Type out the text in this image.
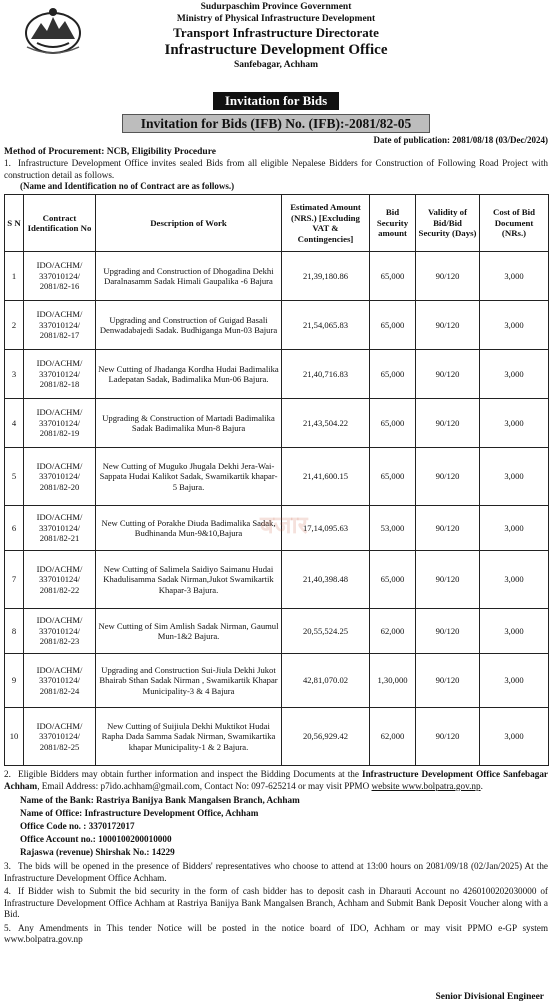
Sudurpaschim Province Government
Ministry of Physical Infrastructure Development
Transport Infrastructure Directorate
Infrastructure Development Office
Sanfebagar, Achham
Invitation for Bids
Invitation for Bids (IFB) No. (IFB):-2081/82-05
Date of publication: 2081/08/18 (03/Dec/2024)
Method of Procurement: NCB, Eligibility Procedure
1. Infrastructure Development Office invites sealed Bids from all eligible Nepalese Bidders for Construction of Following Road Project with construction detail as follows.
(Name and Identification no of Contract are as follows.)
S N	Contract Identification No	Description of Work	Estimated Amount (NRS.) [Excluding VAT & Contingencies]	Bid Security amount	Validity of Bid/Bid Security (Days)	Cost of Bid Document (NRs.)
1	IDO/ACHM/ 337010124/ 2081/82-16	Upgrading and Construction of Dhogadina Dekhi Daralnasamm Sadak Himali Gaupalika -6 Bajura	21,39,180.86	65,000	90/120	3,000
2	IDO/ACHM/ 337010124/ 2081/82-17	Upgrading and Construction of Guigad Basali Denwadabajedi Sadak. Budhiganga Mun-03 Bajura	21,54,065.83	65,000	90/120	3,000
3	IDO/ACHM/ 337010124/ 2081/82-18	New Cutting of Jhadanga Kordha Hudai Badimalika Ladepatan Sadak, Badimalika Mun-06 Bajura.	21,40,716.83	65,000	90/120	3,000
4	IDO/ACHM/ 337010124/ 2081/82-19	Upgrading & Construction of Martadi Badimalika Sadak Badimalika Mun-8 Bajura	21,43,504.22	65,000	90/120	3,000
5	IDO/ACHM/ 337010124/ 2081/82-20	New Cutting of Muguko Jhugala Dekhi Jera-Wai-Sappata Hudai Kalikot Sadak, Swamikartik khapar-5 Bajura.	21,41,600.15	65,000	90/120	3,000
6	IDO/ACHM/ 337010124/ 2081/82-21	New Cutting of Porakhe Diuda Badimalika Sadak, Budhinanda Mun-9&10,Bajura	17,14,095.63	53,000	90/120	3,000
7	IDO/ACHM/ 337010124/ 2081/82-22	New Cutting of Salimela Saidiyo Saimanu Hudai Khadulisamma Sadak Nirman,Jukot Swamikartik Khapar-3 Bajura.	21,40,398.48	65,000	90/120	3,000
8	IDO/ACHM/ 337010124/ 2081/82-23	New Cutting of Sim Amlish Sadak Nirman, Gaumul Mun-1&2 Bajura.	20,55,524.25	62,000	90/120	3,000
9	IDO/ACHM/ 337010124/ 2081/82-24	Upgrading and Construction Sui-Jiula Dekhi Jukot Bhairab Sthan Sadak Nirman , Swamikartik Khapar Municipality-3 & 4 Bajura	42,81,070.02	1,30,000	90/120	3,000
10	IDO/ACHM/ 337010124/ 2081/82-25	New Cutting of Suijiula Dekhi Muktikot Hudai Rapha Dada Samma Sadak Nirman, Swamikartika khapar Municipality-1 & 2 Bajura.	20,56,929.42	62,000	90/120	3,000
बजार
2. Eligible Bidders may obtain further information and inspect the Bidding Documents at the Infrastructure Development Office Sanfebagar Achham, Email Address: p7ido.achham@gmail.com, Contact No: 097-625214 or may visit PPMO website www.bolpatra.gov.np.
Name of the Bank: Rastriya Banijya Bank Mangalsen Branch, Achham
Name of Office: Infrastructure Development Office, Achham
Office Code no. : 3370172017
Office Account no.: 1000100200010000
Rajaswa (revenue) Shirshak No.: 14229
3. The bids will be opened in the presence of Bidders' representatives who choose to attend at 13:00 hours on 2081/09/18 (02/Jan/2025) At the Infrastructure Development Office Achham.
4. If Bidder wish to Submit the bid security in the form of cash bidder has to deposit cash in Dharauti Account no 4260100202030000 of Infrastructure Development Office Achham at Rastriya Banijya Bank Mangalsen Branch, Achham and Submit Bank Deposit Voucher along with a Bid.
5. Any Amendments in This tender Notice will be posted in the notice board of IDO, Achham or may visit PPMO e-GP system www.bolpatra.gov.np
Senior Divisional Engineer
